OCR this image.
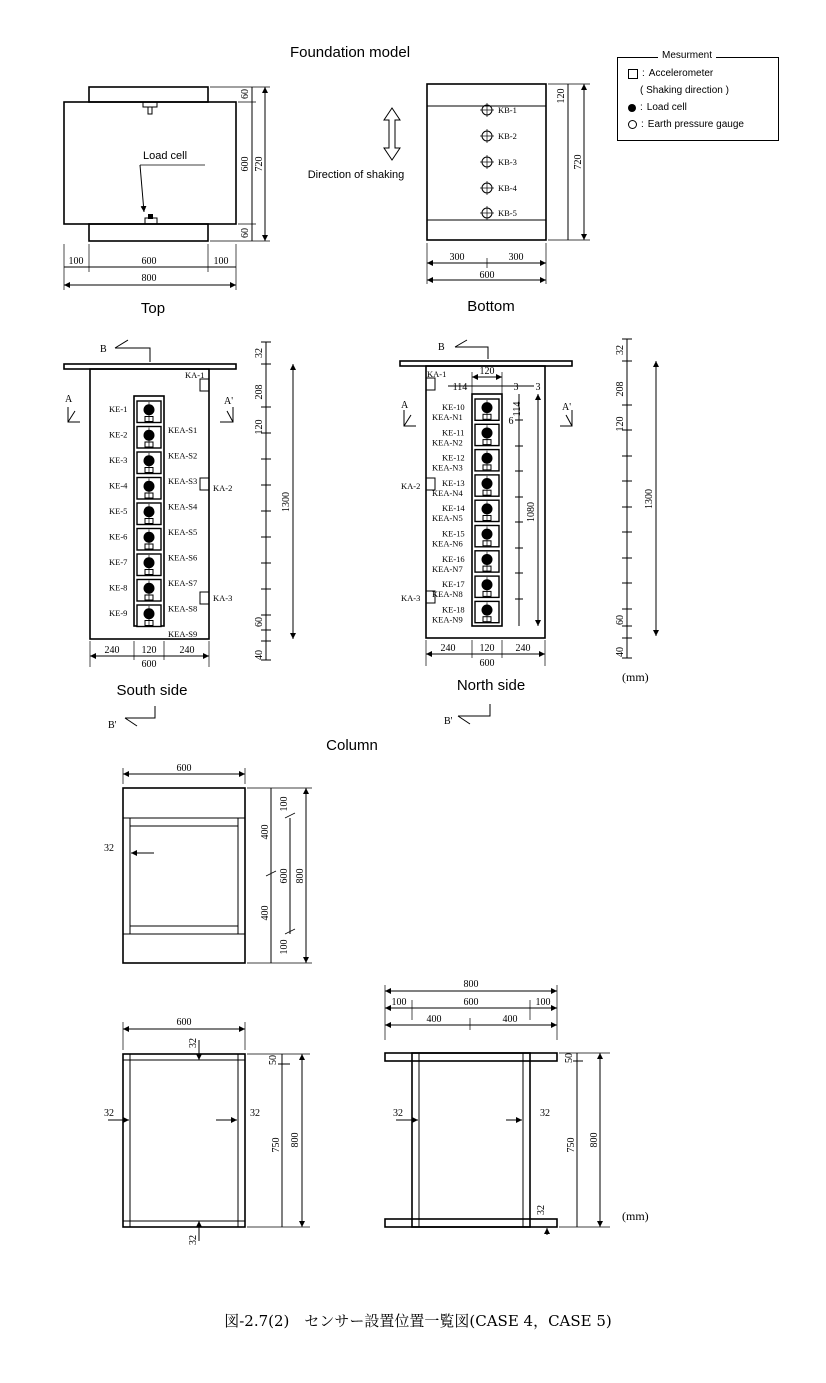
Foundation model
Column
Top	Bottom
South side	North side
Load cell
100	600	100
800
60
600
60
720
Direction of shaking
300	300
600
120
720
KB-1
KB-2
KB-3
KB-4
KB-5
KA-1
KA-2
KA-3
KE-1
KE-2
KE-3
KE-4
KE-5
KE-6
KE-7
KE-8
KE-9
KEA-S1
KEA-S2
KEA-S3
KEA-S4
KEA-S5
KEA-S6
KEA-S7
KEA-S8
KEA-S9
240 120 240
600
B
B'
A	A'
32
208
120
60
40
1300
KA-1
KA-2
KA-3
KE-10
KE-11
KE-12
KE-13
KE-14
KE-15
KE-16
KE-17
KE-18
KEA-N1
KEA-N2
KEA-N3
KEA-N4
KEA-N5
KEA-N6
KEA-N7
KEA-N8
KEA-N9
1080
120
114	3 3
114
6
240 120 240
600
B
B'
A	A'
32
208
120
60
40
1300
(mm)
600
32
400
600
400
100
100
800
600
32
32
32	32
50
750 800
800
100	600	100
400	400
32	32
50
750 800
32	(mm)
図-2.7(2)　センサー設置位置一覧図(CASE 4，CASE 5)
Mesurment
: Accelerometer
( Shaking direction )
: Load cell
: Earth pressure gauge
